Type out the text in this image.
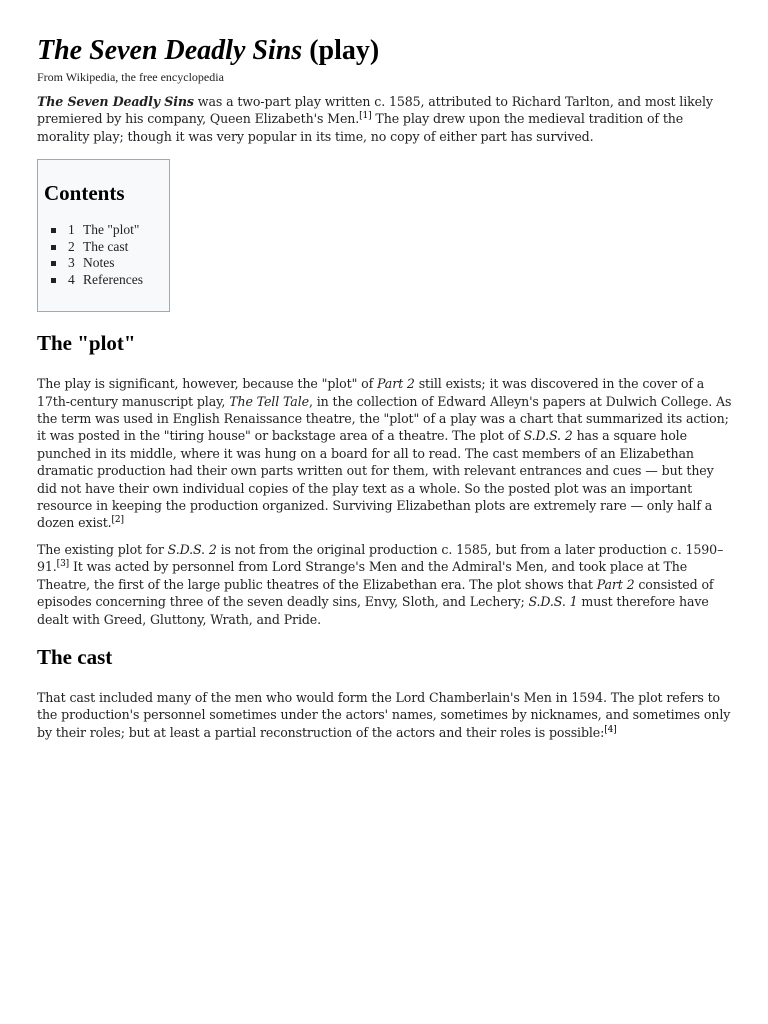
The Seven Deadly Sins (play)
From Wikipedia, the free encyclopedia

The Seven Deadly Sins was a two-part play written c. 1585, attributed to Richard Tarlton, and most likely premiered by his company, Queen Elizabeth's Men.[1] The play drew upon the medieval tradition of the morality play; though it was very popular in its time, no copy of either part has survived.

Contents
1 The "plot"
2 The cast
3 Notes
4 References
The "plot"

The play is significant, however, because the "plot" of Part 2 still exists; it was discovered in the cover of a 17th-century manuscript play, The Tell Tale, in the collection of Edward Alleyn's papers at Dulwich College. As the term was used in English Renaissance theatre, the "plot" of a play was a chart that summarized its action; it was posted in the "tiring house" or backstage area of a theatre. The plot of S.D.S. 2 has a square hole punched in its middle, where it was hung on a board for all to read. The cast members of an Elizabethan dramatic production had their own parts written out for them, with relevant entrances and cues — but they did not have their own individual copies of the play text as a whole. So the posted plot was an important resource in keeping the production organized. Surviving Elizabethan plots are extremely rare — only half a dozen exist.[2]

The existing plot for S.D.S. 2 is not from the original production c. 1585, but from a later production c. 1590–91.[3] It was acted by personnel from Lord Strange's Men and the Admiral's Men, and took place at The Theatre, the first of the large public theatres of the Elizabethan era. The plot shows that Part 2 consisted of episodes concerning three of the seven deadly sins, Envy, Sloth, and Lechery; S.D.S. 1 must therefore have dealt with Greed, Gluttony, Wrath, and Pride.

The cast

That cast included many of the men who would form the Lord Chamberlain's Men in 1594. The plot refers to the production's personnel sometimes under the actors' names, sometimes by nicknames, and sometimes only by their roles; but at least a partial reconstruction of the actors and their roles is possible:[4]
